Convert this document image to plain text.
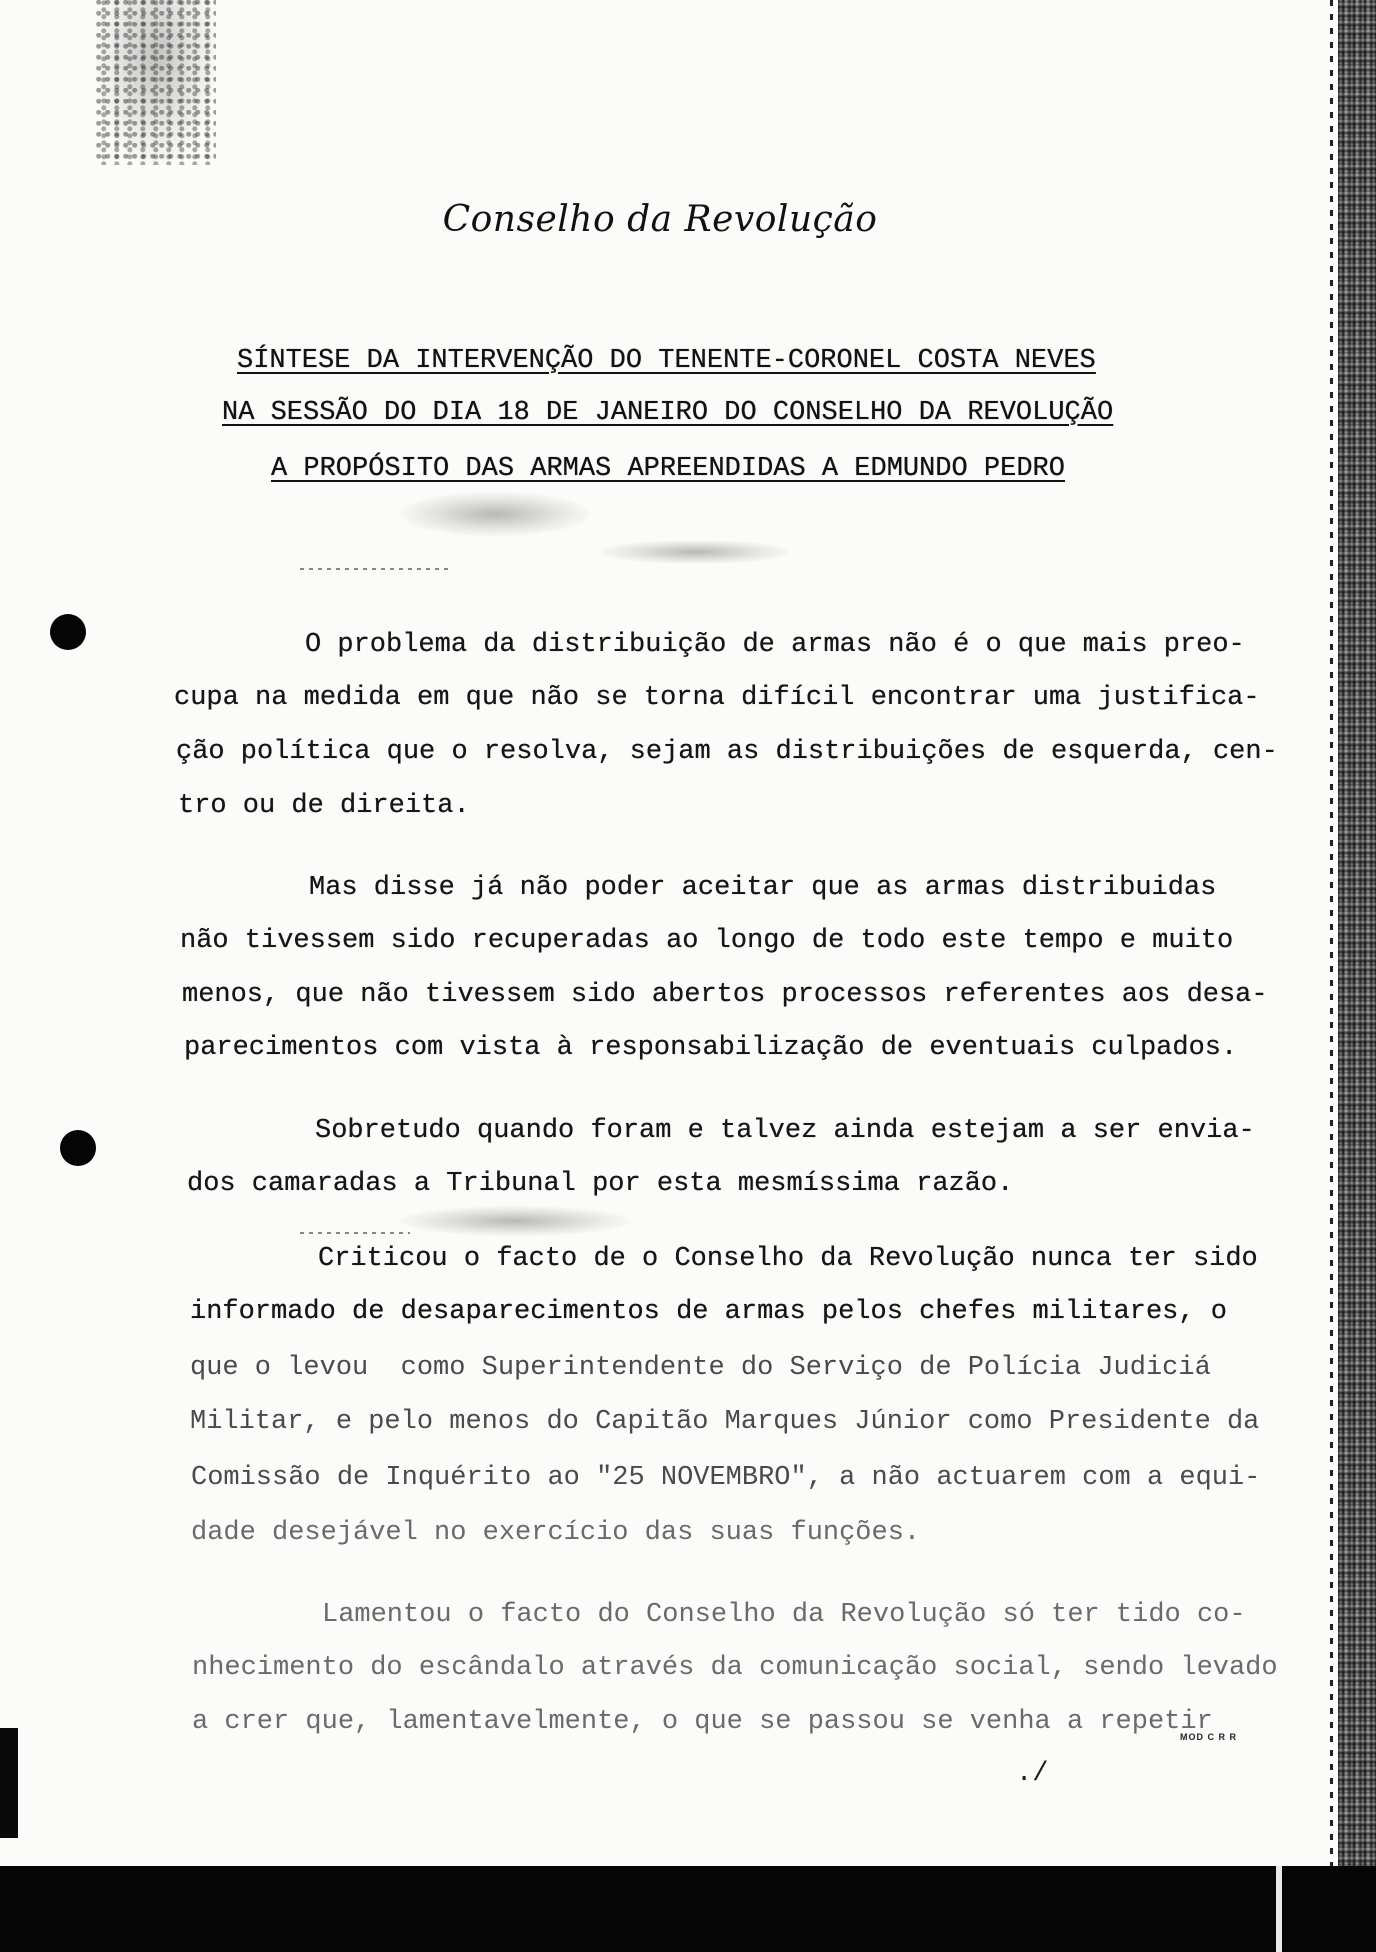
Conselho da Revolução
SÍNTESE DA INTERVENÇÃO DO TENENTE-CORONEL COSTA NEVES
NA SESSÃO DO DIA 18 DE JANEIRO DO CONSELHO DA REVOLUÇÃO
A PROPÓSITO DAS ARMAS APREENDIDAS A EDMUNDO PEDRO
O problema da distribuição de armas não é o que mais preo-
cupa na medida em que não se torna difícil encontrar uma justifica-
ção política que o resolva, sejam as distribuições de esquerda, cen-
tro ou de direita.
Mas disse já não poder aceitar que as armas distribuidas
não tivessem sido recuperadas ao longo de todo este tempo e muito
menos, que não tivessem sido abertos processos referentes aos desa-
parecimentos com vista à responsabilização de eventuais culpados.
Sobretudo quando foram e talvez ainda estejam a ser envia-
dos camaradas a Tribunal por esta mesmíssima razão.
Criticou o facto de o Conselho da Revolução nunca ter sido
informado de desaparecimentos de armas pelos chefes militares, o
que o levou  como Superintendente do Serviço de Polícia Judiciá
Militar, e pelo menos do Capitão Marques Júnior como Presidente da
Comissão de Inquérito ao "25 NOVEMBRO", a não actuarem com a equi-
dade desejável no exercício das suas funções.
Lamentou o facto do Conselho da Revolução só ter tido co-
nhecimento do escândalo através da comunicação social, sendo levado
a crer que, lamentavelmente, o que se passou se venha a repetir
MOD C R R
./
